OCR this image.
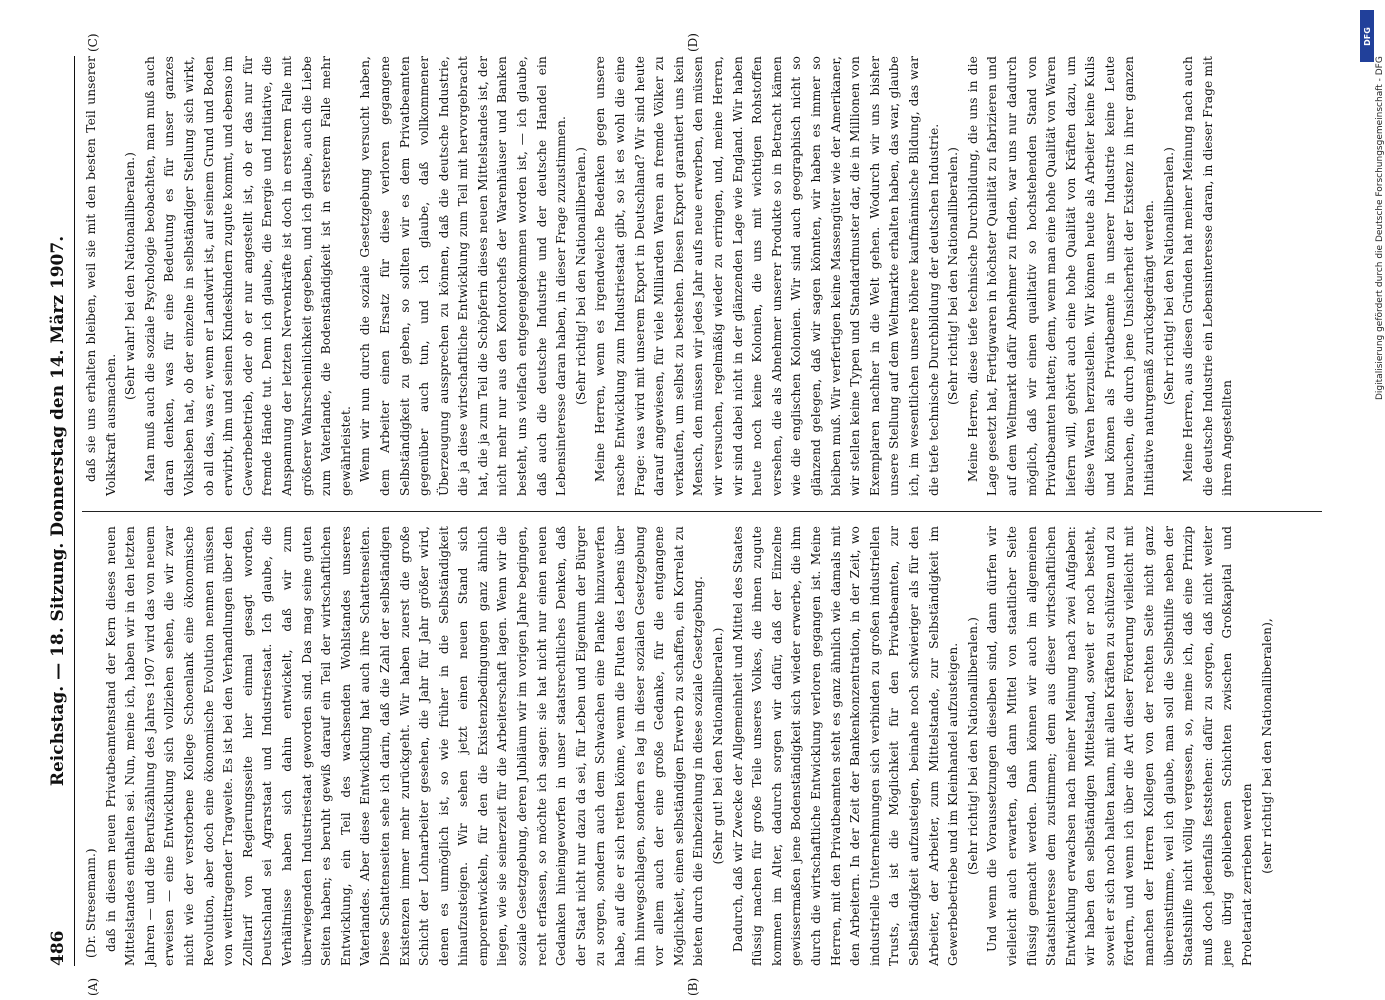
486
Reichstag. — 18. Sitzung. Donnerstag den 14. März 1907.
(A)	(B)
(C)	(D)

(Dr. Stresemann.) daß in diesem neuen Privatbeamtenstand der Kern dieses neuen Mittelstandes enthalten sei. Nun, meine ich, haben wir in den letzten Jahren — und die Berufszählung des Jahres 1907 wird das von neuem erweisen — eine Entwicklung sich vollziehen sehen, die wir zwar nicht wie der verstorbene Kollege Schoenlank eine ökonomische Revolution, aber doch eine ökonomische Evolution nennen müssen von weittragender Tragweite. Es ist bei den Verhandlungen über den Zolltarif von Regierungsseite hier einmal gesagt worden, Deutschland sei Agrarstaat und Industriestaat. Ich glaube, die Verhältnisse haben sich dahin entwickelt, daß wir zum überwiegenden Industriestaat geworden sind. Das mag seine guten Seiten haben; es beruht gewiß darauf ein Teil der wirtschaftlichen Entwicklung, ein Teil des wachsenden Wohlstandes unseres Vaterlandes. Aber diese Entwicklung hat auch ihre Schattenseiten. Diese Schattenseiten sehe ich darin, daß die Zahl der selbständigen Existenzen immer mehr zurückgeht. Wir haben zuerst die große Schicht der Lohnarbeiter gesehen, die Jahr für Jahr größer wird, denen es unmöglich ist, so wie früher in die Selbständigkeit hinaufzusteigen. Wir sehen jetzt einen neuen Stand sich emporentwickeln, für den die Existenzbedingungen ganz ähnlich liegen, wie sie seinerzeit für die Arbeiterschaft lagen. Wenn wir die soziale Gesetzgebung, deren Jubiläum wir im vorigen Jahre begingen, recht erfassen, so möchte ich sagen: sie hat nicht nur einen neuen Gedanken hineingeworfen in unser staatsrechtliches Denken, daß der Staat nicht nur dazu da sei, für Leben und Eigentum der Bürger zu sorgen, sondern auch dem Schwachen eine Planke hinzuwerfen habe, auf die er sich retten könne, wenn die Fluten des Lebens über ihn hinwegschlagen, sondern es lag in dieser sozialen Gesetzgebung vor allem auch der eine große Gedanke, für die entgangene Möglichkeit, einen selbständigen Erwerb zu schaffen, ein Korrelat zu bieten durch die Einbeziehung in diese soziale Gesetzgebung. (Sehr gut! bei den Nationalliberalen.) Dadurch, daß wir Zwecke der Allgemeinheit und Mittel des Staates flüssig machen für große Teile unseres Volkes, die ihnen zugute kommen im Alter, dadurch sorgen wir dafür, daß der Einzelne gewissermaßen jene Bodenständigkeit sich wieder erwerbe, die ihm durch die wirtschaftliche Entwicklung verloren gegangen ist. Meine Herren, mit den Privatbeamten steht es ganz ähnlich wie damals mit den Arbeitern. In der Zeit der Bankenkonzentration, in der Zeit, wo industrielle Unternehmungen sich verbinden zu großen industriellen Trusts, da ist die Möglichkeit für den Privatbeamten, zur Selbständigkeit aufzusteigen, beinahe noch schwieriger als für den Arbeiter, der Arbeiter, zum Mittelstande, zur Selbständigkeit im Gewerbebetriebe und im Kleinhandel aufzusteigen. (Sehr richtig! bei den Nationalliberalen.) Und wenn die Voraussetzungen dieselben sind, dann dürfen wir vielleicht auch erwarten, daß dann Mittel von staatlicher Seite flüssig gemacht werden. Dann können wir auch im allgemeinen Staatsinteresse dem zustimmen; denn aus dieser wirtschaftlichen Entwicklung erwachsen nach meiner Meinung nach zwei Aufgaben: wir haben den selbständigen Mittelstand, soweit er noch besteht, soweit er sich noch halten kann, mit allen Kräften zu schützen und zu fördern, und wenn ich über die Art dieser Förderung vielleicht mit manchen der Herren Kollegen von der rechten Seite nicht ganz übereinstimme, weil ich glaube, man soll die Selbsthilfe neben der Staatshilfe nicht völlig vergessen, so, meine ich, daß eine Prinzip muß doch jedenfalls feststehen: dafür zu sorgen, daß nicht weiter jene übrig gebliebenen Schichten zwischen Großkapital und Proletariat zerrieben werden

(sehr richtig! bei den Nationalliberalen),

daß sie uns erhalten bleiben, weil sie mit den besten Teil unserer Volkskraft ausmachen.

(Sehr wahr! bei den Nationalliberalen.) Man muß auch die soziale Psychologie beobachten, man muß auch daran denken, was für eine Bedeutung es für unser ganzes Volksleben hat, ob der einzelne in selbständiger Stellung sich wirkt, ob all das, was er, wenn er Landwirt ist, auf seinem Grund und Boden erwirbt, ihm und seinen Kindeskindern zugute kommt, und ebenso im Gewerbebetrieb, oder ob er nur angestellt ist, ob er das nur für fremde Hände tut. Denn ich glaube, die Energie und Initiative, die Anspannung der letzten Nervenkräfte ist doch in ersterem Falle mit größerer Wahrscheinlichkeit gegeben, und ich glaube, auch die Liebe zum Vaterlande, die Bodenständigkeit ist in ersterem Falle mehr gewährleistet. Wenn wir nun durch die soziale Gesetzgebung versucht haben, dem Arbeiter einen Ersatz für diese verloren gegangene Selbständigkeit zu geben, so sollten wir es dem Privatbeamten gegenüber auch tun, und ich glaube, daß vollkommener Überzeugung aussprechen zu können, daß die deutsche Industrie, die ja diese wirtschaftliche Entwicklung zum Teil mit hervorgebracht hat, die ja zum Teil die Schöpferin dieses neuen Mittelstandes ist, der nicht mehr nur aus den Kontorchefs der Warenhäuser und Banken besteht, uns vielfach entgegengekommen worden ist, — ich glaube, daß auch die deutsche Industrie und der deutsche Handel ein Lebensinteresse daran haben, in dieser Frage zuzustimmen. (Sehr richtig! bei den Nationalliberalen.) Meine Herren, wenn es irgendwelche Bedenken gegen unsere rasche Entwicklung zum Industriestaat gibt, so ist es wohl die eine Frage: was wird mit unserem Export in Deutschland? Wir sind heute darauf angewiesen, für viele Milliarden Waren an fremde Völker zu verkaufen, um selbst zu bestehen. Diesen Export garantiert uns kein Mensch, den müssen wir jedes Jahr aufs neue erwerben, den müssen wir versuchen, regelmäßig wieder zu erringen, und, meine Herren, wir sind dabei nicht in der glänzenden Lage wie England. Wir haben heute noch keine Kolonien, die uns mit wichtigen Rohstoffen versehen, die als Abnehmer unserer Produkte so in Betracht kämen wie die englischen Kolonien. Wir sind auch geographisch nicht so glänzend gelegen, daß wir sagen könnten, wir haben es immer so bleiben muß. Wir verfertigen keine Massengüter wie der Amerikaner, wir stellen keine Typen und Standardmuster dar, die in Millionen von Exemplaren nachher in die Welt gehen. Wodurch wir uns bisher unsere Stellung auf dem Weltmarkte erhalten haben, das war, glaube ich, im wesentlichen unsere höhere kaufmännische Bildung, das war die tiefe technische Durchbildung der deutschen Industrie. (Sehr richtig! bei den Nationalliberalen.) Meine Herren, diese tiefe technische Durchbildung, die uns in die Lage gesetzt hat, Fertigwaren in höchster Qualität zu fabrizieren und auf dem Weltmarkt dafür Abnehmer zu finden, war uns nur dadurch möglich, daß wir einen qualitativ so hochstehenden Stand von Privatbeamten hatten; denn, wenn man eine hohe Qualität von Waren liefern will, gehört auch eine hohe Qualität von Kräften dazu, um diese Waren herzustellen. Wir können heute als Arbeiter keine Kulis und können als Privatbeamte in unserer Industrie keine Leute brauchen, die durch jene Unsicherheit der Existenz in ihrer ganzen Initiative naturgemäß zurückgedrängt werden. (Sehr richtig! bei den Nationalliberalen.) Meine Herren, aus diesen Gründen hat meiner Meinung nach auch die deutsche Industrie ein Lebensinteresse daran, in dieser Frage mit ihren Angestellten

DFG
Digitalisierung gefördert durch die Deutsche Forschungsgemeinschaft - DFG
